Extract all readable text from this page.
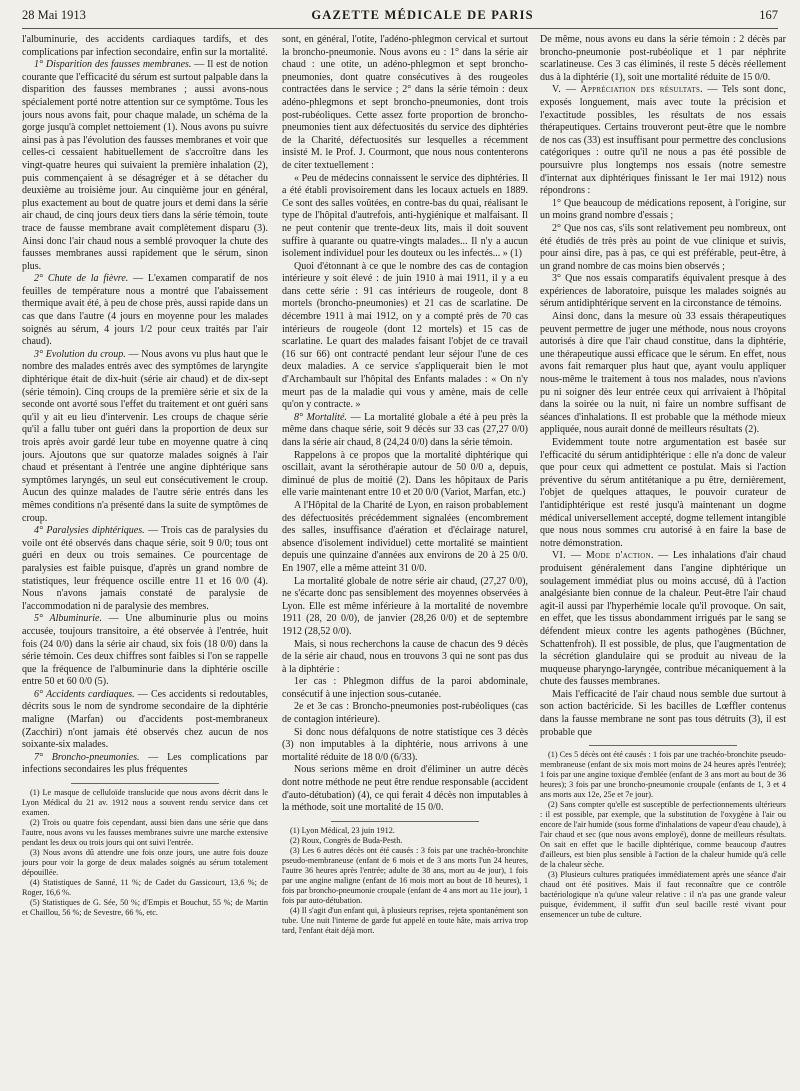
28 Mai 1913	GAZETTE MÉDICALE DE PARIS	167

l'albuminurie, des accidents cardiaques tardifs, et des complications par infection secondaire, enfin sur la mortalité.

1° Disparition des fausses membranes. — Il est de notion courante que l'efficacité du sérum est surtout palpable dans la disparition des fausses membranes ; aussi avons-nous spécialement porté notre attention sur ce symptôme. Tous les jours nous avons fait, pour chaque malade, un schéma de la gorge jusqu'à complet nettoiement (1). Nous avons pu suivre ainsi pas à pas l'évolution des fausses membranes et voir que celles-ci cessaient habituellement de s'accroître dans les vingt-quatre heures qui suivaient la première inhalation (2), puis commençaient à se désagréger et à se détacher du deuxième au troisième jour. Au cinquième jour en général, plus exactement au bout de quatre jours et demi dans la série air chaud, de cinq jours deux tiers dans la série témoin, toute trace de fausse membrane avait complètement disparu (3). Ainsi donc l'air chaud nous a semblé provoquer la chute des fausses membranes aussi rapidement que le sérum, sinon plus.

2° Chute de la fièvre. — L'examen comparatif de nos feuilles de température nous a montré que l'abaissement thermique avait été, à peu de chose près, aussi rapide dans un cas que dans l'autre (4 jours en moyenne pour les malades soignés au sérum, 4 jours 1/2 pour ceux traités par l'air chaud).

3° Evolution du croup. — Nous avons vu plus haut que le nombre des malades entrés avec des symptômes de laryngite diphtérique était de dix-huit (série air chaud) et de dix-sept (série témoin). Cinq croups de la première série et six de la seconde ont avorté sous l'effet du traitement et ont guéri sans qu'il y ait eu lieu d'intervenir. Les croups de chaque série qu'il a fallu tuber ont guéri dans la proportion de deux sur trois après avoir gardé leur tube en moyenne quatre à cinq jours. Ajoutons que sur quatorze malades soignés à l'air chaud et présentant à l'entrée une angine diphtérique sans symptômes laryngés, un seul eut consécutivement le croup. Aucun des quinze malades de l'autre série entrés dans les mêmes conditions n'a présenté dans la suite de symptômes de croup.

4° Paralysies diphtériques. — Trois cas de paralysies du voile ont été observés dans chaque série, soit 9 0/0; tous ont guéri en deux ou trois semaines. Ce pourcentage de paralysies est faible puisque, d'après un grand nombre de statistiques, leur fréquence oscille entre 11 et 16 0/0 (4). Nous n'avons jamais constaté de paralysie de l'accommodation ni de paralysie des membres.

5° Albuminurie. — Une albuminurie plus ou moins accusée, toujours transitoire, a été observée à l'entrée, huit fois (24 0/0) dans la série air chaud, six fois (18 0/0) dans la série témoin. Ces deux chiffres sont faibles si l'on se rappelle que la fréquence de l'albuminurie dans la diphtérie oscille entre 50 et 60 0/0 (5).

6° Accidents cardiaques. — Ces accidents si redoutables, décrits sous le nom de syndrome secondaire de la diphtérie maligne (Marfan) ou d'accidents post-membraneux (Zacchiri) n'ont jamais été observés chez aucun de nos soixante-six malades.

7° Broncho-pneumonies. — Les complications par infections secondaires les plus fréquentes

(1) Le masque de celluloïde translucide que nous avons décrit dans le Lyon Médical du 21 av. 1912 nous a souvent rendu service dans cet examen.

(2) Trois ou quatre fois cependant, aussi bien dans une série que dans l'autre, nous avons vu les fausses membranes suivre une marche extensive pendant les deux ou trois jours qui ont suivi l'entrée.

(3) Nous avons dû attendre une fois onze jours, une autre fois douze jours pour voir la gorge de deux malades soignés au sérum totalement dépouillée.

(4) Statistiques de Sanné, 11 %; de Cadet du Gassicourt, 13,6 %; de Roger, 16,6 %.

(5) Statistiques de G. Sée, 50 %; d'Empis et Bouchut, 55 %; de Martin et Chaillou, 56 %; de Sevestre, 66 %, etc.

sont, en général, l'otite, l'adéno-phlegmon cervical et surtout la broncho-pneumonie. Nous avons eu : 1° dans la série air chaud : une otite, un adéno-phlegmon et sept broncho-pneumonies, dont quatre consécutives à des rougeoles contractées dans le service ; 2° dans la série témoin : deux adéno-phlegmons et sept broncho-pneumonies, dont trois post-rubéoliques. Cette assez forte proportion de broncho-pneumonies tient aux défectuosités du service des diphtéries de la Charité, défectuosités sur lesquelles a récemment insisté M. le Prof. J. Courmont, que nous nous contenterons de citer textuellement :

« Peu de médecins connaissent le service des diphtéries. Il a été établi provisoirement dans les locaux actuels en 1889. Ce sont des salles voûtées, en contre-bas du quai, réalisant le type de l'hôpital d'autrefois, anti-hygiénique et malfaisant. Il ne peut contenir que trente-deux lits, mais il doit souvent suffire à quarante ou quatre-vingts malades... Il n'y a aucun isolement individuel pour les douteux ou les infectés... » (1)

Quoi d'étonnant à ce que le nombre des cas de contagion intérieure y soit élevé : de juin 1910 à mai 1911, il y a eu dans cette série : 91 cas intérieurs de rougeole, dont 8 mortels (broncho-pneumonies) et 21 cas de scarlatine. De décembre 1911 à mai 1912, on y a compté près de 70 cas intérieurs de rougeole (dont 12 mortels) et 15 cas de scarlatine. Le quart des malades faisant l'objet de ce travail (16 sur 66) ont contracté pendant leur séjour l'une de ces deux maladies. A ce service s'appliquerait bien le mot d'Archambault sur l'hôpital des Enfants malades : « On n'y meurt pas de la maladie qui vous y amène, mais de celle qu'on y contracte. »

8° Mortalité. — La mortalité globale a été à peu près la même dans chaque série, soit 9 décès sur 33 cas (27,27 0/0) dans la série air chaud, 8 (24,24 0/0) dans la série témoin.

Rappelons à ce propos que la mortalité diphtérique qui oscillait, avant la sérothérapie autour de 50 0/0 a, depuis, diminué de plus de moitié (2). Dans les hôpitaux de Paris elle varie maintenant entre 10 et 20 0/0 (Variot, Marfan, etc.)

A l'Hôpital de la Charité de Lyon, en raison probablement des défectuosités précédemment signalées (encombrement des salles, insuffisance d'aération et d'éclairage naturel, absence d'isolement individuel) cette mortalité se maintient depuis une quinzaine d'années aux environs de 20 à 25 0/0. En 1907, elle a même atteint 31 0/0.

La mortalité globale de notre série air chaud, (27,27 0/0), ne s'écarte donc pas sensiblement des moyennes observées à Lyon. Elle est même inférieure à la mortalité de novembre 1911 (28, 20 0/0), de janvier (28,26 0/0) et de septembre 1912 (28,52 0/0).

Mais, si nous recherchons la cause de chacun des 9 décès de la série air chaud, nous en trouvons 3 qui ne sont pas dus à la diphtérie :

1er cas : Phlegmon diffus de la paroi abdominale, consécutif à une injection sous-cutanée.

2e et 3e cas : Broncho-pneumonies post-rubéoliques (cas de contagion intérieure).

Si donc nous défalquons de notre statistique ces 3 décès (3) non imputables à la diphtérie, nous arrivons à une mortalité réduite de 18 0/0 (6/33).

Nous serions même en droit d'éliminer un autre décès dont notre méthode ne peut être rendue responsable (accident d'auto-détubation) (4), ce qui ferait 4 décès non imputables à la méthode, soit une mortalité de 15 0/0.

(1) Lyon Médical, 23 juin 1912.

(2) Roux, Congrès de Buda-Pesth.

(3) Les 6 autres décès ont été causés : 3 fois par une trachéo-bronchite pseudo-membraneuse (enfant de 6 mois et de 3 ans morts l'un 24 heures, l'autre 36 heures après l'entrée; adulte de 38 ans, mort au 4e jour), 1 fois par une angine maligne (enfant de 16 mois mort au bout de 18 heures), 1 fois par broncho-pneumonie croupale (enfant de 4 ans mort au 11e jour), 1 fois par auto-détubation.

(4) Il s'agit d'un enfant qui, à plusieurs reprises, rejeta spontanément son tube. Une nuit l'interne de garde fut appelé en toute hâte, mais arriva trop tard, l'enfant était déjà mort.

De même, nous avons eu dans la série témoin : 2 décès par broncho-pneumonie post-rubéolique et 1 par néphrite scarlatineuse. Ces 3 cas éliminés, il reste 5 décès réellement dus à la diphtérie (1), soit une mortalité réduite de 15 0/0.

V. — Appréciation des résultats. — Tels sont donc, exposés longuement, mais avec toute la précision et l'exactitude possibles, les résultats de nos essais thérapeutiques. Certains trouveront peut-être que le nombre de nos cas (33) est insuffisant pour permettre des conclusions catégoriques : outre qu'il ne nous a pas été possible de poursuivre plus longtemps nos essais (notre semestre d'internat aux diphtériques finissant le 1er mai 1912) nous répondrons :

1° Que beaucoup de médications reposent, à l'origine, sur un moins grand nombre d'essais ;

2° Que nos cas, s'ils sont relativement peu nombreux, ont été étudiés de très près au point de vue clinique et suivis, pour ainsi dire, pas à pas, ce qui est préférable, peut-être, à un grand nombre de cas moins bien observés ;

3° Que nos essais comparatifs équivalent presque à des expériences de laboratoire, puisque les malades soignés au sérum antidiphtérique servent en la circonstance de témoins.

Ainsi donc, dans la mesure où 33 essais thérapeutiques peuvent permettre de juger une méthode, nous nous croyons autorisés à dire que l'air chaud constitue, dans la diphtérie, une thérapeutique aussi efficace que le sérum. En effet, nous avons fait remarquer plus haut que, ayant voulu appliquer nous-même le traitement à tous nos malades, nous n'avions pu ni soigner dès leur entrée ceux qui arrivaient à l'hôpital dans la soirée ou la nuit, ni faire un nombre suffisant de séances d'inhalations. Il est probable que la méthode mieux appliquée, nous aurait donné de meilleurs résultats (2).

Evidemment toute notre argumentation est basée sur l'efficacité du sérum antidiphtérique : elle n'a donc de valeur que pour ceux qui admettent ce postulat. Mais si l'action préventive du sérum antitétanique a pu être, dernièrement, l'objet de quelques attaques, le pouvoir curateur de l'antidiphtérique est resté jusqu'à maintenant un dogme médical universellement accepté, dogme tellement intangible que nous nous sommes cru autorisé à en faire la base de notre démonstration.

VI. — Mode d'action. — Les inhalations d'air chaud produisent généralement dans l'angine diphtérique un soulagement immédiat plus ou moins accusé, dû à l'action analgésiante bien connue de la chaleur. Peut-être l'air chaud agit-il aussi par l'hyperhémie locale qu'il provoque. On sait, en effet, que les tissus abondamment irrigués par le sang se défendent mieux contre les agents pathogènes (Büchner, Schattenfroh). Il est possible, de plus, que l'augmentation de la sécrétion glandulaire qui se produit au niveau de la muqueuse pharyngo-laryngée, contribue mécaniquement à la chute des fausses membranes.

Mais l'efficacité de l'air chaud nous semble due surtout à son action bactéricide. Si les bacilles de Lœffler contenus dans la fausse membrane ne sont pas tous détruits (3), il est probable que

(1) Ces 5 décès ont été causés : 1 fois par une trachéo-bronchite pseudo-membraneuse (enfant de six mois mort moins de 24 heures après l'entrée); 1 fois par une angine toxique d'emblée (enfant de 3 ans mort au bout de 36 heures); 3 fois par une broncho-pneumonie croupale (enfants de 1, 3 et 4 ans morts aux 12e, 25e et 7e jour).

(2) Sans compter qu'elle est susceptible de perfectionnements ultérieurs : il est possible, par exemple, que la substitution de l'oxygène à l'air ou encore de l'air humide (sous forme d'inhalations de vapeur d'eau chaude), à l'air chaud et sec (que nous avons employé), donne de meilleurs résultats. On sait en effet que le bacille diphtérique, comme beaucoup d'autres d'ailleurs, est bien plus sensible à l'action de la chaleur humide qu'à celle de la chaleur sèche.

(3) Plusieurs cultures pratiquées immédiatement après une séance d'air chaud ont été positives. Mais il faut reconnaître que ce contrôle bactériologique n'a qu'une valeur relative : il n'a pas une grande valeur puisque, évidemment, il suffit d'un seul bacille resté vivant pour ensemencer un tube de culture.
